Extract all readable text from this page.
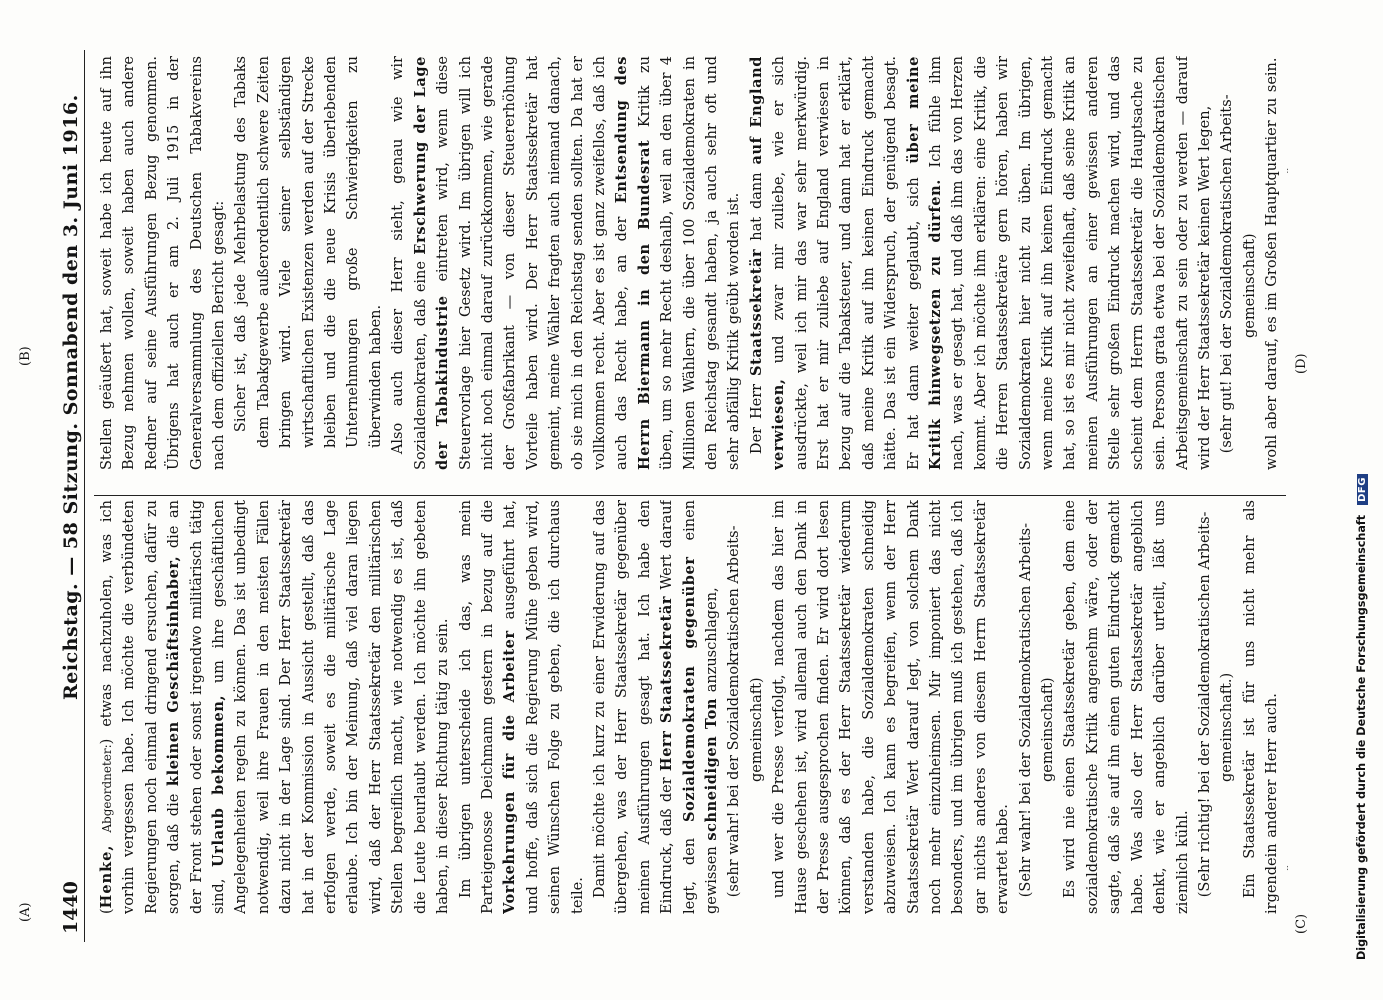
1440
Reichstag. — 58 Sitzung. Sonnabend den 3. Juni 1916.
(A)
(B)
(C)
(D)

(Henke, Abgeordneter:) etwas nachzuholen, was ich vorhin vergessen habe. Ich möchte die verbündeten Regierungen noch einmal dringend ersuchen, dafür zu sorgen, daß die kleinen Geschäftsinhaber, die an der Front stehen oder sonst irgendwo militärisch tätig sind, Urlaub bekommen, um ihre geschäftlichen Angelegenheiten regeln zu können. Das ist unbedingt notwendig, weil ihre Frauen in den meisten Fällen dazu nicht in der Lage sind. Der Herr Staatssekretär hat in der Kommission in Aussicht gestellt, daß das erfolgen werde, soweit es die militärische Lage erlaube. Ich bin der Meinung, daß viel daran liegen wird, daß der Herr Staatssekretär den militärischen Stellen begreiflich macht, wie notwendig es ist, daß die Leute beurlaubt werden. Ich möchte ihn gebeten haben, in dieser Richtung tätig zu sein. Im übrigen unterscheide ich das, was mein Parteigenosse Deichmann gestern in bezug auf die Vorkehrungen für die Arbeiter ausgeführt hat, und hoffe, daß sich die Regierung Mühe geben wird, seinen Wünschen Folge zu geben, die ich durchaus teile. Damit möchte ich kurz zu einer Erwiderung auf das übergehen, was der Herr Staatssekretär gegenüber meinen Ausführungen gesagt hat. Ich habe den Eindruck, daß der Herr Staatssekretär Wert darauf legt, den Sozialdemokraten gegenüber einen gewissen schneidigen Ton anzuschlagen, (sehr wahr! bei der Sozialdemokratischen Arbeits- gemeinschaft) und wer die Presse verfolgt, nachdem das hier im Hause geschehen ist, wird allemal auch den Dank in der Presse ausgesprochen finden. Er wird dort lesen können, daß es der Herr Staatssekretär wiederum verstanden habe, die Sozialdemokraten schneidig abzuweisen. Ich kann es begreifen, wenn der Herr Staatssekretär Wert darauf legt, von solchem Dank noch mehr einzuheimsen. Mir imponiert das nicht besonders, und im übrigen muß ich gestehen, daß ich gar nichts anderes von diesem Herrn Staatssekretär erwartet habe. (Sehr wahr! bei der Sozialdemokratischen Arbeits- gemeinschaft) Es wird nie einen Staatssekretär geben, dem eine sozialdemokratische Kritik angenehm wäre, oder der sagte, daß sie auf ihn einen guten Eindruck gemacht habe. Was also der Herr Staatssekretär angeblich denkt, wie er angeblich darüber urteilt, läßt uns ziemlich kühl. (Sehr richtig! bei der Sozialdemokratischen Arbeits- gemeinschaft.) Ein Staatssekretär ist für uns nicht mehr als irgendein anderer Herr auch.

Stellen geäußert hat, soweit habe ich heute auf ihn Bezug nehmen wollen, soweit haben auch andere Redner auf seine Ausführungen Bezug genommen. Übrigens hat auch er am 2. Juli 1915 in der Generalversammlung des Deutschen Tabakvereins nach dem offiziellen Bericht gesagt: Sicher ist, daß jede Mehrbelastung des Tabaks dem Tabakgewerbe außerordentlich schwere Zeiten bringen wird. Viele seiner selbständigen wirtschaftlichen Existenzen werden auf der Strecke bleiben und die die neue Krisis überlebenden Unternehmungen große Schwierigkeiten zu überwinden haben. Also auch dieser Herr sieht, genau wie wir Sozialdemokraten, daß eine Erschwerung der Lage der Tabakindustrie eintreten wird, wenn diese Steuervorlage hier Gesetz wird. Im übrigen will ich nicht noch einmal darauf zurückkommen, wie gerade der Großfabrikant — von dieser Steuererhöhung Vorteile haben wird. Der Herr Staatssekretär hat gemeint, meine Wähler fragten auch niemand danach, ob sie mich in den Reichstag senden sollten. Da hat er vollkommen recht. Aber es ist ganz zweifellos, daß ich auch das Recht habe, an der Entsendung des Herrn Biermann in den Bundesrat Kritik zu üben, um so mehr Recht deshalb, weil an den über 4 Millionen Wählern, die über 100 Sozialdemokraten in den Reichstag gesandt haben, ja auch sehr oft und sehr abfällig Kritik geübt worden ist. Der Herr Staatssekretär hat dann auf England verwiesen, und zwar mir zuliebe, wie er sich ausdrückte, weil ich mir das war sehr merkwürdig. Erst hat er mir zuliebe auf England verwiesen in bezug auf die Tabaksteuer, und dann hat er erklärt, daß meine Kritik auf ihn keinen Eindruck gemacht hätte. Das ist ein Widerspruch, der genügend besagt. Er hat dann weiter geglaubt, sich über meine Kritik hinwegsetzen zu dürfen. Ich fühle ihm nach, was er gesagt hat, und daß ihm das von Herzen kommt. Aber ich möchte ihm erklären: eine Kritik, die die Herren Staatssekretäre gern hören, haben wir Sozialdemokraten hier nicht zu üben. Im übrigen, wenn meine Kritik auf ihn keinen Eindruck gemacht hat, so ist es mir nicht zweifelhaft, daß seine Kritik an meinen Ausführungen an einer gewissen anderen Stelle sehr großen Eindruck machen wird, und das scheint dem Herrn Staatssekretär die Hauptsache zu sein. Persona grata etwa bei der Sozialdemokratischen Arbeitsgemeinschaft zu sein oder zu werden — darauf wird der Herr Staatssekretär keinen Wert legen, (sehr gut! bei der Sozialdemokratischen Arbeits- gemeinschaft) wohl aber darauf, es im Großen Hauptquartier zu sein.

Digitalisierung gefördert durch die Deutsche ForschungsgemeinschaftDFG
